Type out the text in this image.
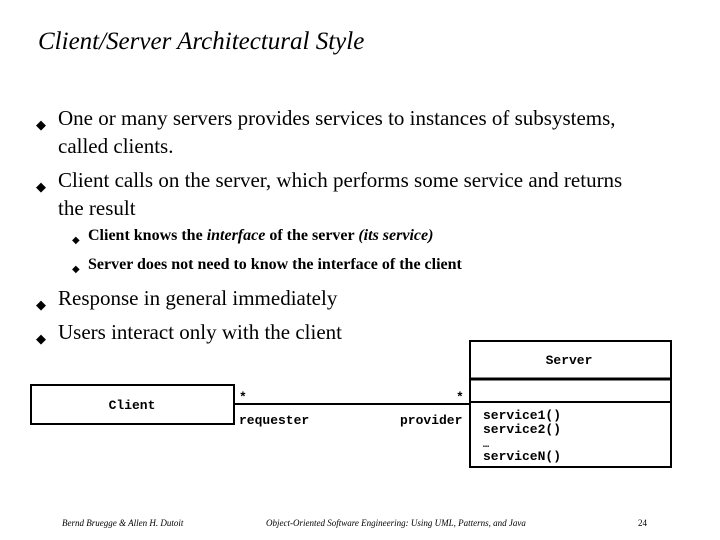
Client/Server Architectural Style
◆ One or many servers provides services to instances of subsystems, called clients.
◆ Client calls on the server, which performs some service and returns the result
◆ Client knows the interface of the server (its service)
◆ Server does not need to know the interface of the client
◆ Response in general immediately
◆ Users interact only with the client
Client
*	*
requester	provider
Server
service1()
service2()
…
serviceN()
Bernd Bruegge & Allen H. Dutoit	Object-Oriented Software Engineering: Using UML, Patterns, and Java	24
